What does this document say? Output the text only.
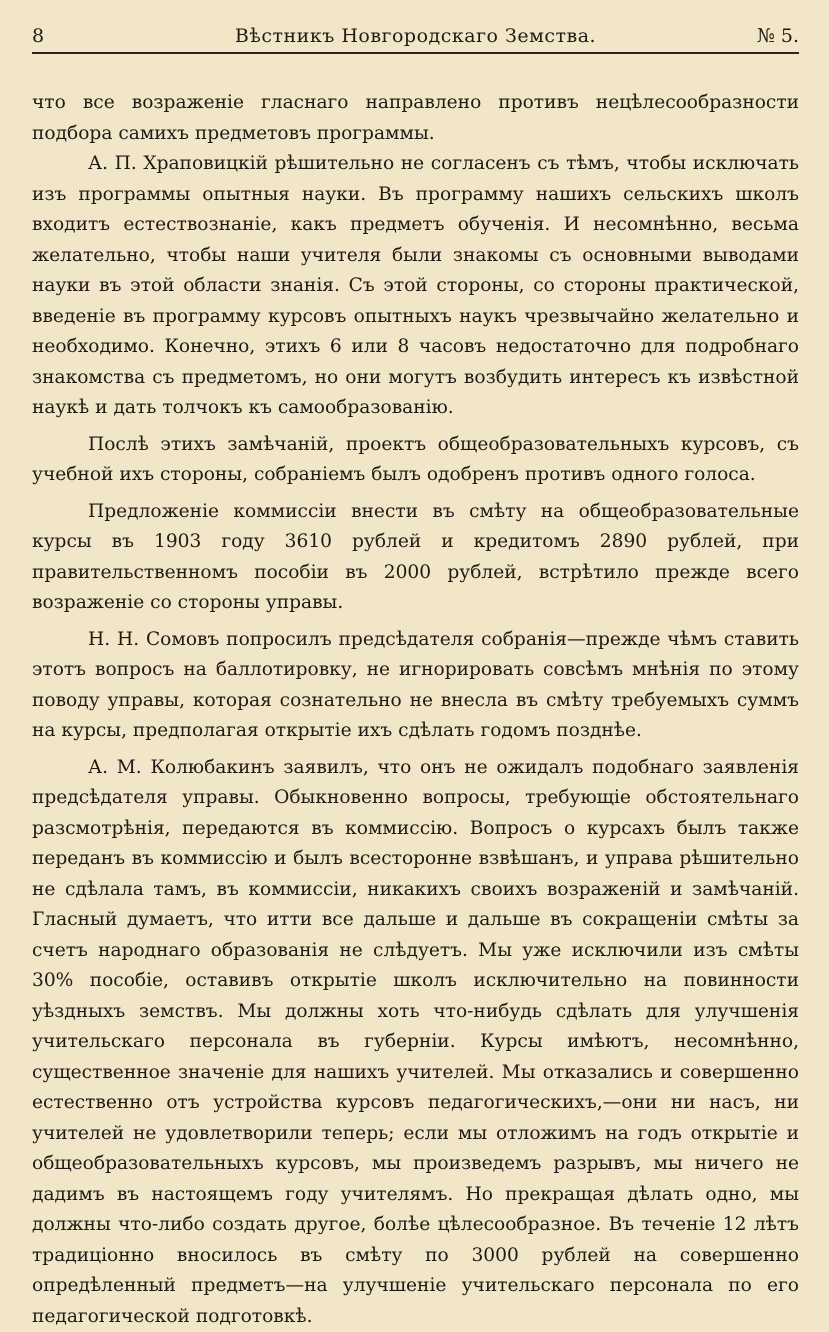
8	Вѣстникъ Новгородскаго Земства.	№ 5.

что все возраженіе гласнаго направлено противъ нецѣлесообразности подбора самихъ предметовъ программы.

А. П. Храповицкій рѣшительно не согласенъ съ тѣмъ, чтобы исключать изъ программы опытныя науки. Въ программу нашихъ сельскихъ школъ входитъ естествознаніе, какъ предметъ обученія. И несомнѣнно, весьма желательно, чтобы наши учителя были знакомы съ основными выводами науки въ этой области знанія. Съ этой стороны, со стороны практической, введеніе въ программу курсовъ опытныхъ наукъ чрезвычайно желательно и необходимо. Конечно, этихъ 6 или 8 часовъ недостаточно для подробнаго знакомства съ предметомъ, но они могутъ возбудить интересъ къ извѣстной наукѣ и дать толчокъ къ самообразованію.

Послѣ этихъ замѣчаній, проектъ общеобразовательныхъ курсовъ, съ учебной ихъ стороны, собраніемъ былъ одобренъ противъ одного голоса.

Предложеніе коммиссіи внести въ смѣту на общеобразовательные курсы въ 1903 году 3610 рублей и кредитомъ 2890 рублей, при правительственномъ пособіи въ 2000 рублей, встрѣтило прежде всего возраженіе со стороны управы.

Н. Н. Сомовъ попросилъ предсѣдателя собранія—прежде чѣмъ ставить этотъ вопросъ на баллотировку, не игнорировать совсѣмъ мнѣнія по этому поводу управы, которая сознательно не внесла въ смѣту требуемыхъ суммъ на курсы, предполагая открытіе ихъ сдѣлать годомъ позднѣе.

А. М. Колюбакинъ заявилъ, что онъ не ожидалъ подобнаго заявленія предсѣдателя управы. Обыкновенно вопросы, требующіе обстоятельнаго разсмотрѣнія, передаются въ коммиссію. Вопросъ о курсахъ былъ также переданъ въ коммиссію и былъ всесторонне взвѣшанъ, и управа рѣшительно не сдѣлала тамъ, въ коммиссіи, никакихъ своихъ возраженій и замѣчаній. Гласный думаетъ, что итти все дальше и дальше въ сокращеніи смѣты за счетъ народнаго образованія не слѣдуетъ. Мы уже исключили изъ смѣты 30% пособіе, оставивъ открытіе школъ исключительно на повинности уѣздныхъ земствъ. Мы должны хоть что-нибудь сдѣлать для улучшенія учительскаго персонала въ губерніи. Курсы имѣютъ, несомнѣнно, существенное значеніе для нашихъ учителей. Мы отказались и совершенно естественно отъ устройства курсовъ педагогическихъ,—они ни насъ, ни учителей не удовлетворили теперь; если мы отложимъ на годъ открытіе и общеобразовательныхъ курсовъ, мы произведемъ разрывъ, мы ничего не дадимъ въ настоящемъ году учителямъ. Но прекращая дѣлать одно, мы должны что-либо создать другое, болѣе цѣлесообразное. Въ теченіе 12 лѣтъ традиціонно вносилось въ смѣту по 3000 рублей на совершенно опредѣленный предметъ—на улучшеніе учительскаго персонала по его педагогической подготовкѣ.
